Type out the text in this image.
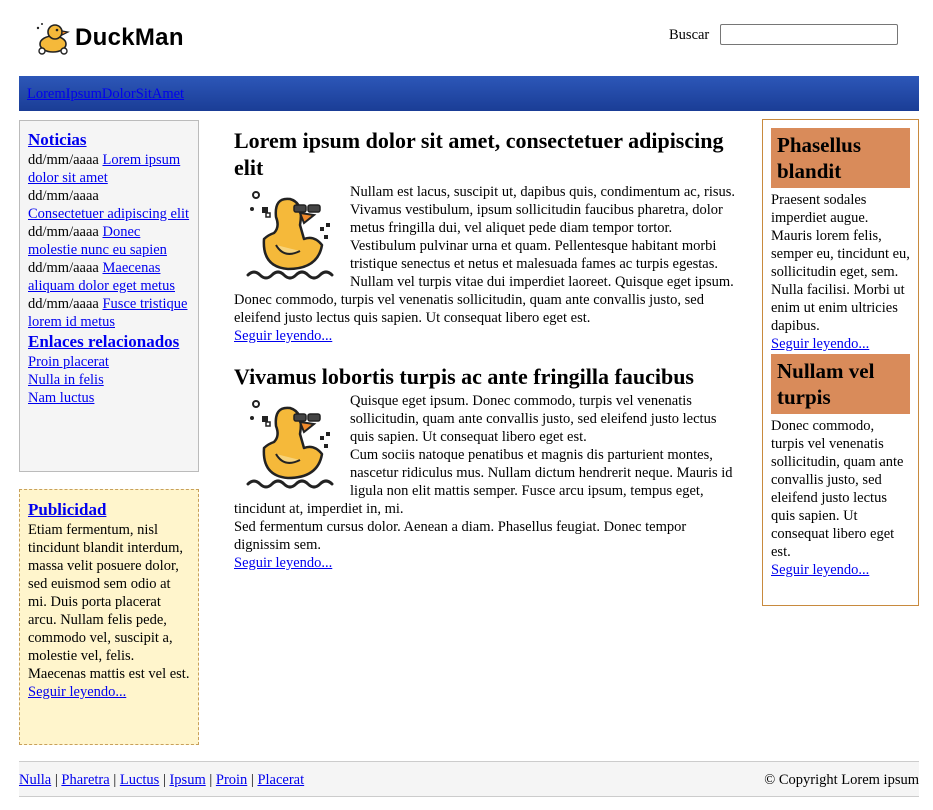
DuckMan	Buscar
LoremIpsumDolorSitAmet
Noticias
dd/mm/aaaa Lorem ipsum dolor sit amet
dd/mm/aaaa
Consectetuer adipiscing elit
dd/mm/aaaa Donec molestie nunc eu sapien
dd/mm/aaaa Maecenas aliquam dolor eget metus
dd/mm/aaaa Fusce tristique lorem id metus
Enlaces relacionados
Proin placerat
Nulla in felis
Nam luctus
Publicidad
Etiam fermentum, nisl tincidunt blandit interdum, massa velit posuere dolor, sed euismod sem odio at mi. Duis porta placerat arcu. Nullam felis pede, commodo vel, suscipit a, molestie vel, felis. Maecenas mattis est vel est.
Seguir leyendo...
Lorem ipsum dolor sit amet, consectetuer adipiscing elit

Nullam est lacus, suscipit ut, dapibus quis, condimentum ac, risus. Vivamus vestibulum, ipsum sollicitudin faucibus pharetra, dolor metus fringilla dui, vel aliquet pede diam tempor tortor.

Vestibulum pulvinar urna et quam. Pellentesque habitant morbi tristique senectus et netus et malesuada fames ac turpis egestas. Nullam vel turpis vitae dui imperdiet laoreet. Quisque eget ipsum.

Donec commodo, turpis vel venenatis sollicitudin, quam ante convallis justo, sed eleifend justo lectus quis sapien. Ut consequat libero eget est.

Seguir leyendo...
Vivamus lobortis turpis ac ante fringilla faucibus

Quisque eget ipsum. Donec commodo, turpis vel venenatis sollicitudin, quam ante convallis justo, sed eleifend justo lectus quis sapien. Ut consequat libero eget est.

Cum sociis natoque penatibus et magnis dis parturient montes, nascetur ridiculus mus. Nullam dictum hendrerit neque. Mauris id ligula non elit mattis semper. Fusce arcu ipsum, tempus eget, tincidunt at, imperdiet in, mi.

Sed fermentum cursus dolor. Aenean a diam. Phasellus feugiat. Donec tempor dignissim sem.

Seguir leyendo...
Phasellus blandit

Praesent sodales imperdiet augue. Mauris lorem felis, semper eu, tincidunt eu, sollicitudin eget, sem. Nulla facilisi. Morbi ut enim ut enim ultricies dapibus.

Seguir leyendo...
Nullam vel turpis

Donec commodo, turpis vel venenatis sollicitudin, quam ante convallis justo, sed eleifend justo lectus quis sapien. Ut consequat libero eget est.

Seguir leyendo...
Nulla | Pharetra | Luctus | Ipsum | Proin | Placerat	© Copyright Lorem ipsum
